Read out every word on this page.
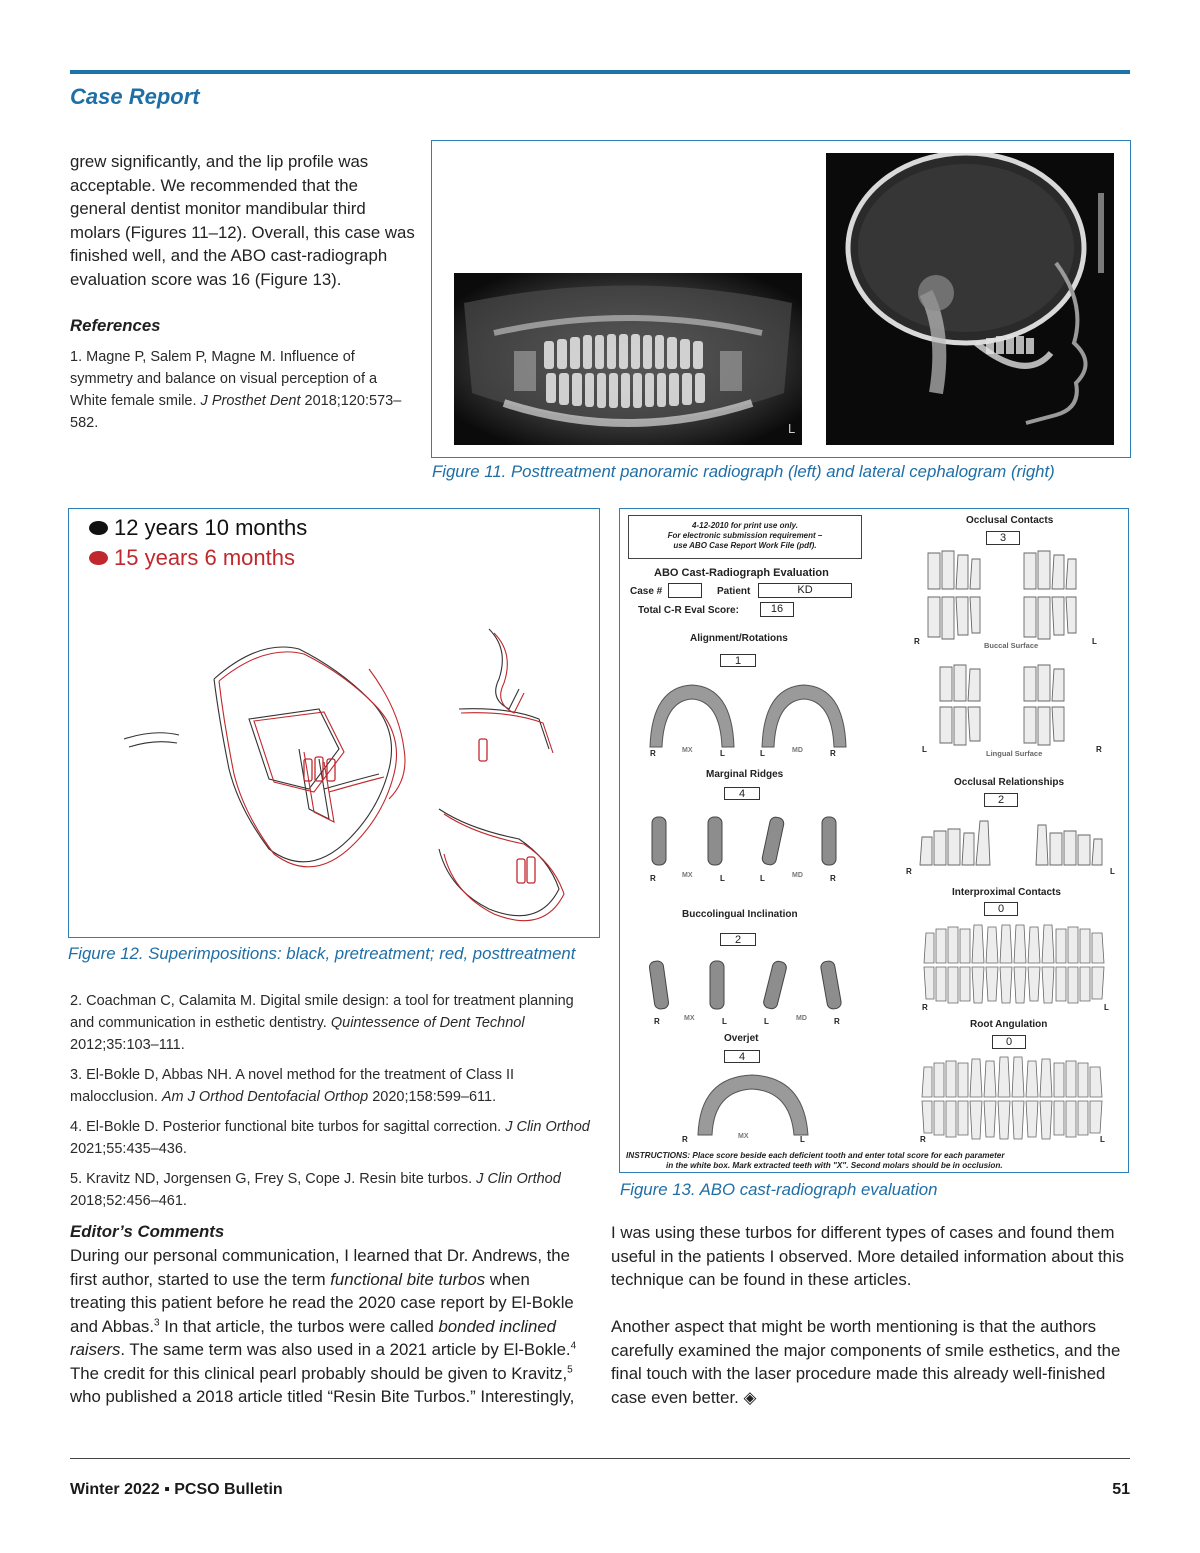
Case Report

grew significantly, and the lip profile was acceptable. We recommended that the general dentist monitor mandibular third molars (Figures 11–12). Overall, this case was finished well, and the ABO cast-radiograph evaluation score was 16 (Figure 13).

References

1. Magne P, Salem P, Magne M. Influence of symmetry and balance on visual perception of a White female smile. J Prosthet Dent 2018;120:573–582.	L
Figure 11. Posttreatment panoramic radiograph (left) and lateral cephalogram (right)
12 years 10 months
15 years 6 months
Figure 12. Superimpositions: black, pretreatment; red, posttreatment
4-12-2010 for print use only.
For electronic submission requirement –
use ABO Case Report Work File (pdf).
ABO Cast-Radiograph Evaluation
Case #	Patient	KD
Total C-R Eval Score:	16
Alignment/Rotations
1
R	MX	L	L	MD	R
Marginal Ridges
4
R	MX	L	L	MD	R
Buccolingual Inclination
2
R	MX	L	L	MD	R
Overjet
4
R	MX	L
Occlusal Contacts
3
R	Buccal Surface	L
L	Lingual Surface	R
Occlusal Relationships
2
R	L
Interproximal Contacts
0
R	L
Root Angulation
0
R	L
INSTRUCTIONS: Place score beside each deficient tooth and enter total score for each parameter
in the white box. Mark extracted teeth with "X". Second molars should be in occlusion.
Figure 13. ABO cast-radiograph evaluation

2. Coachman C, Calamita M. Digital smile design: a tool for treatment planning and communication in esthetic dentistry. Quintessence of Dent Technol 2012;35:103–111.

3. El-Bokle D, Abbas NH. A novel method for the treatment of Class II malocclusion. Am J Orthod Dentofacial Orthop 2020;158:599–611.

4. El-Bokle D. Posterior functional bite turbos for sagittal correction. J Clin Orthod 2021;55:435–436.

5. Kravitz ND, Jorgensen G, Frey S, Cope J. Resin bite turbos. J Clin Orthod 2018;52:456–461.

Editor’s Comments

During our personal communication, I learned that Dr. Andrews, the first author, started to use the term functional bite turbos when treating this patient before he read the 2020 case report by El-Bokle and Abbas.$^3$ In that article, the turbos were called bonded inclined raisers. The same term was also used in a 2021 article by El-Bokle.$^4$ The credit for this clinical pearl probably should be given to Kravitz,$^5$ who published a 2018 article titled “Resin Bite Turbos.” Interestingly,

I was using these turbos for different types of cases and found them useful in the patients I observed. More detailed information about this technique can be found in these articles.

Another aspect that might be worth mentioning is that the authors carefully examined the major components of smile esthetics, and the final touch with the laser procedure made this already well-finished case even better. ◈

Winter 2022 ▪ PCSO Bulletin	51
